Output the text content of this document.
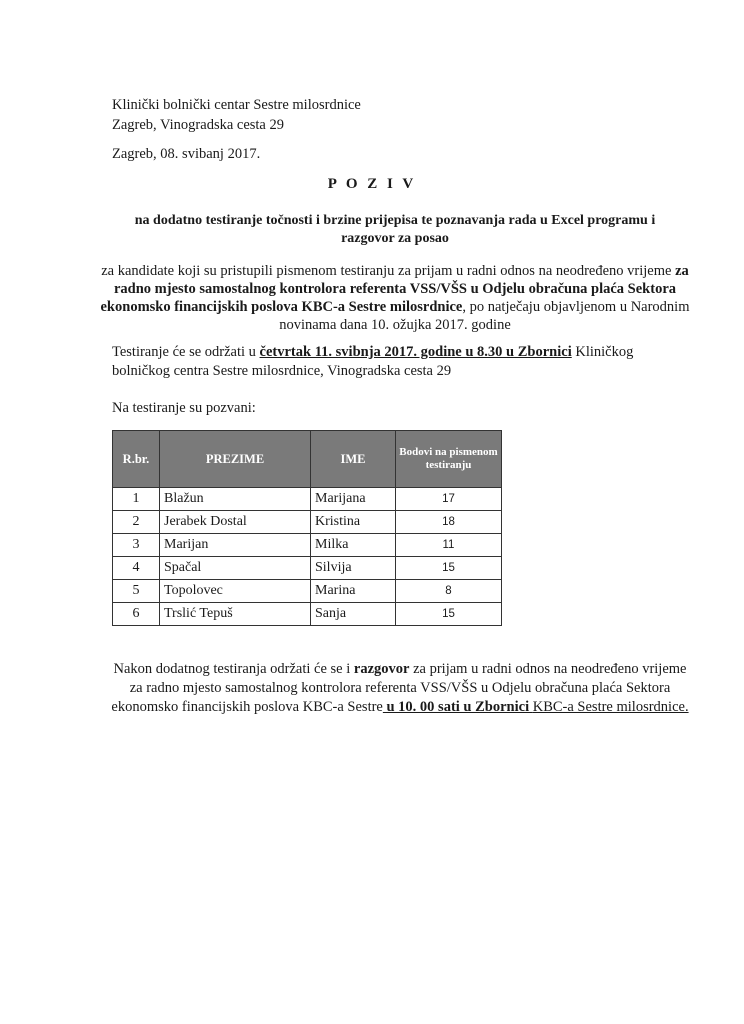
Klinički bolnički centar Sestre milosrdnice
Zagreb, Vinogradska cesta 29
Zagreb, 08. svibanj 2017.
P O Z I V
na dodatno testiranje točnosti i brzine prijepisa te poznavanja rada u Excel programu i razgovor za posao
za kandidate koji su pristupili pismenom testiranju za prijam u radni odnos na neodređeno vrijeme za radno mjesto samostalnog kontrolora referenta VSS/VŠS u Odjelu obračuna plaća Sektora ekonomsko financijskih poslova KBC-a Sestre milosrdnice, po natječaju objavljenom u Narodnim novinama dana 10. ožujka 2017. godine
Testiranje će se održati u četvrtak 11. svibnja 2017. godine u 8.30 u Zbornici Kliničkog bolničkog centra Sestre milosrdnice, Vinogradska cesta 29
Na testiranje su pozvani:
R.br.	PREZIME	IME	Bodovi na pismenom testiranju
1	Blažun	Marijana	17
2	Jerabek Dostal	Kristina	18
3	Marijan	Milka	11
4	Spačal	Silvija	15
5	Topolovec	Marina	8
6	Trslić Tepuš	Sanja	15
Nakon dodatnog testiranja održati će se i razgovor za prijam u radni odnos na neodređeno vrijeme za radno mjesto samostalnog kontrolora referenta VSS/VŠS u Odjelu obračuna plaća Sektora ekonomsko financijskih poslova KBC-a Sestre u 10. 00 sati u Zbornici KBC-a Sestre milosrdnice.
